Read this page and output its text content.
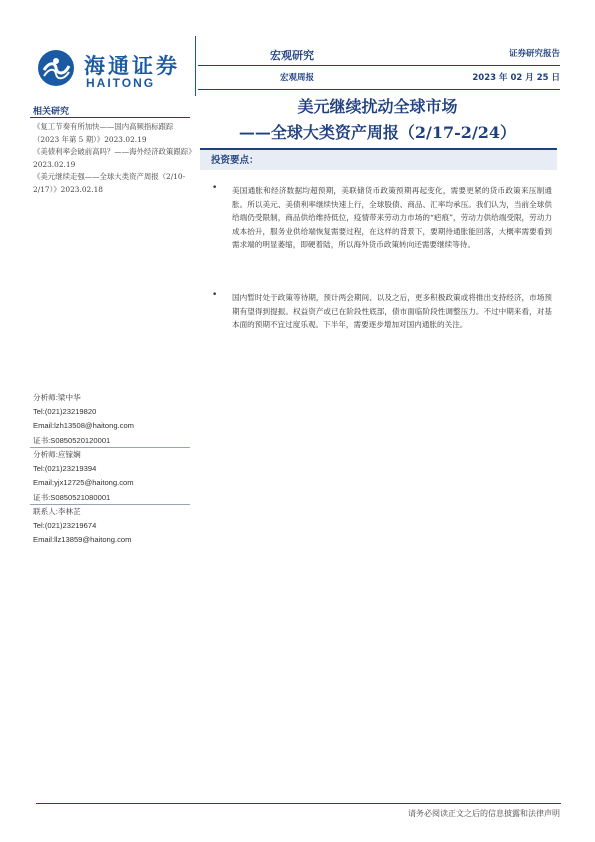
海通证券
HAITONG
宏观研究
宏观周报
证券研究报告
2023 年 02 月 25 日
相关研究
《复工节奏有所加快——国内高频指标跟踪（2023 年第 5 期）》2023.02.19
《美债利率会破前高吗？——海外经济政策跟踪》2023.02.19
《美元继续走强——全球大类资产周报（2/10-2/17）》2023.02.18
美元继续扰动全球市场
——全球大类资产周报（2/17-2/24）
投资要点：
• 美国通胀和经济数据均超预期，美联储货币政策预期再起变化，需要更紧的货币政策来压制通胀。所以美元、美债利率继续快速上行，全球股债、商品、汇率均承压。我们认为，当前全球供给端仍受限制，商品供给维持低位，疫情带来劳动力市场的“疤痕”，劳动力供给端受限，劳动力成本抬升，服务业供给端恢复需要过程，在这样的背景下，要期待通胀能回落，大概率需要看到需求端的明显萎缩，即硬着陆，所以海外货币政策转向还需要继续等待。
• 国内暂时处于政策等待期，预计两会期间、以及之后，更多积极政策或将推出支持经济，市场预期有望得到提振。权益资产或已在阶段性底部，债市面临阶段性调整压力。不过中期来看，对基本面的预期不宜过度乐观。下半年，需要逐步增加对国内通胀的关注。
分析师:梁中华
Tel:(021)23219820
Email:lzh13508@haitong.com
证书:S0850520120001
分析师:应镓娴
Tel:(021)23219394
Email:yjx12725@haitong.com
证书:S0850521080001
联系人:李林芷
Tel:(021)23219674
Email:llz13859@haitong.com
请务必阅读正文之后的信息披露和法律声明
